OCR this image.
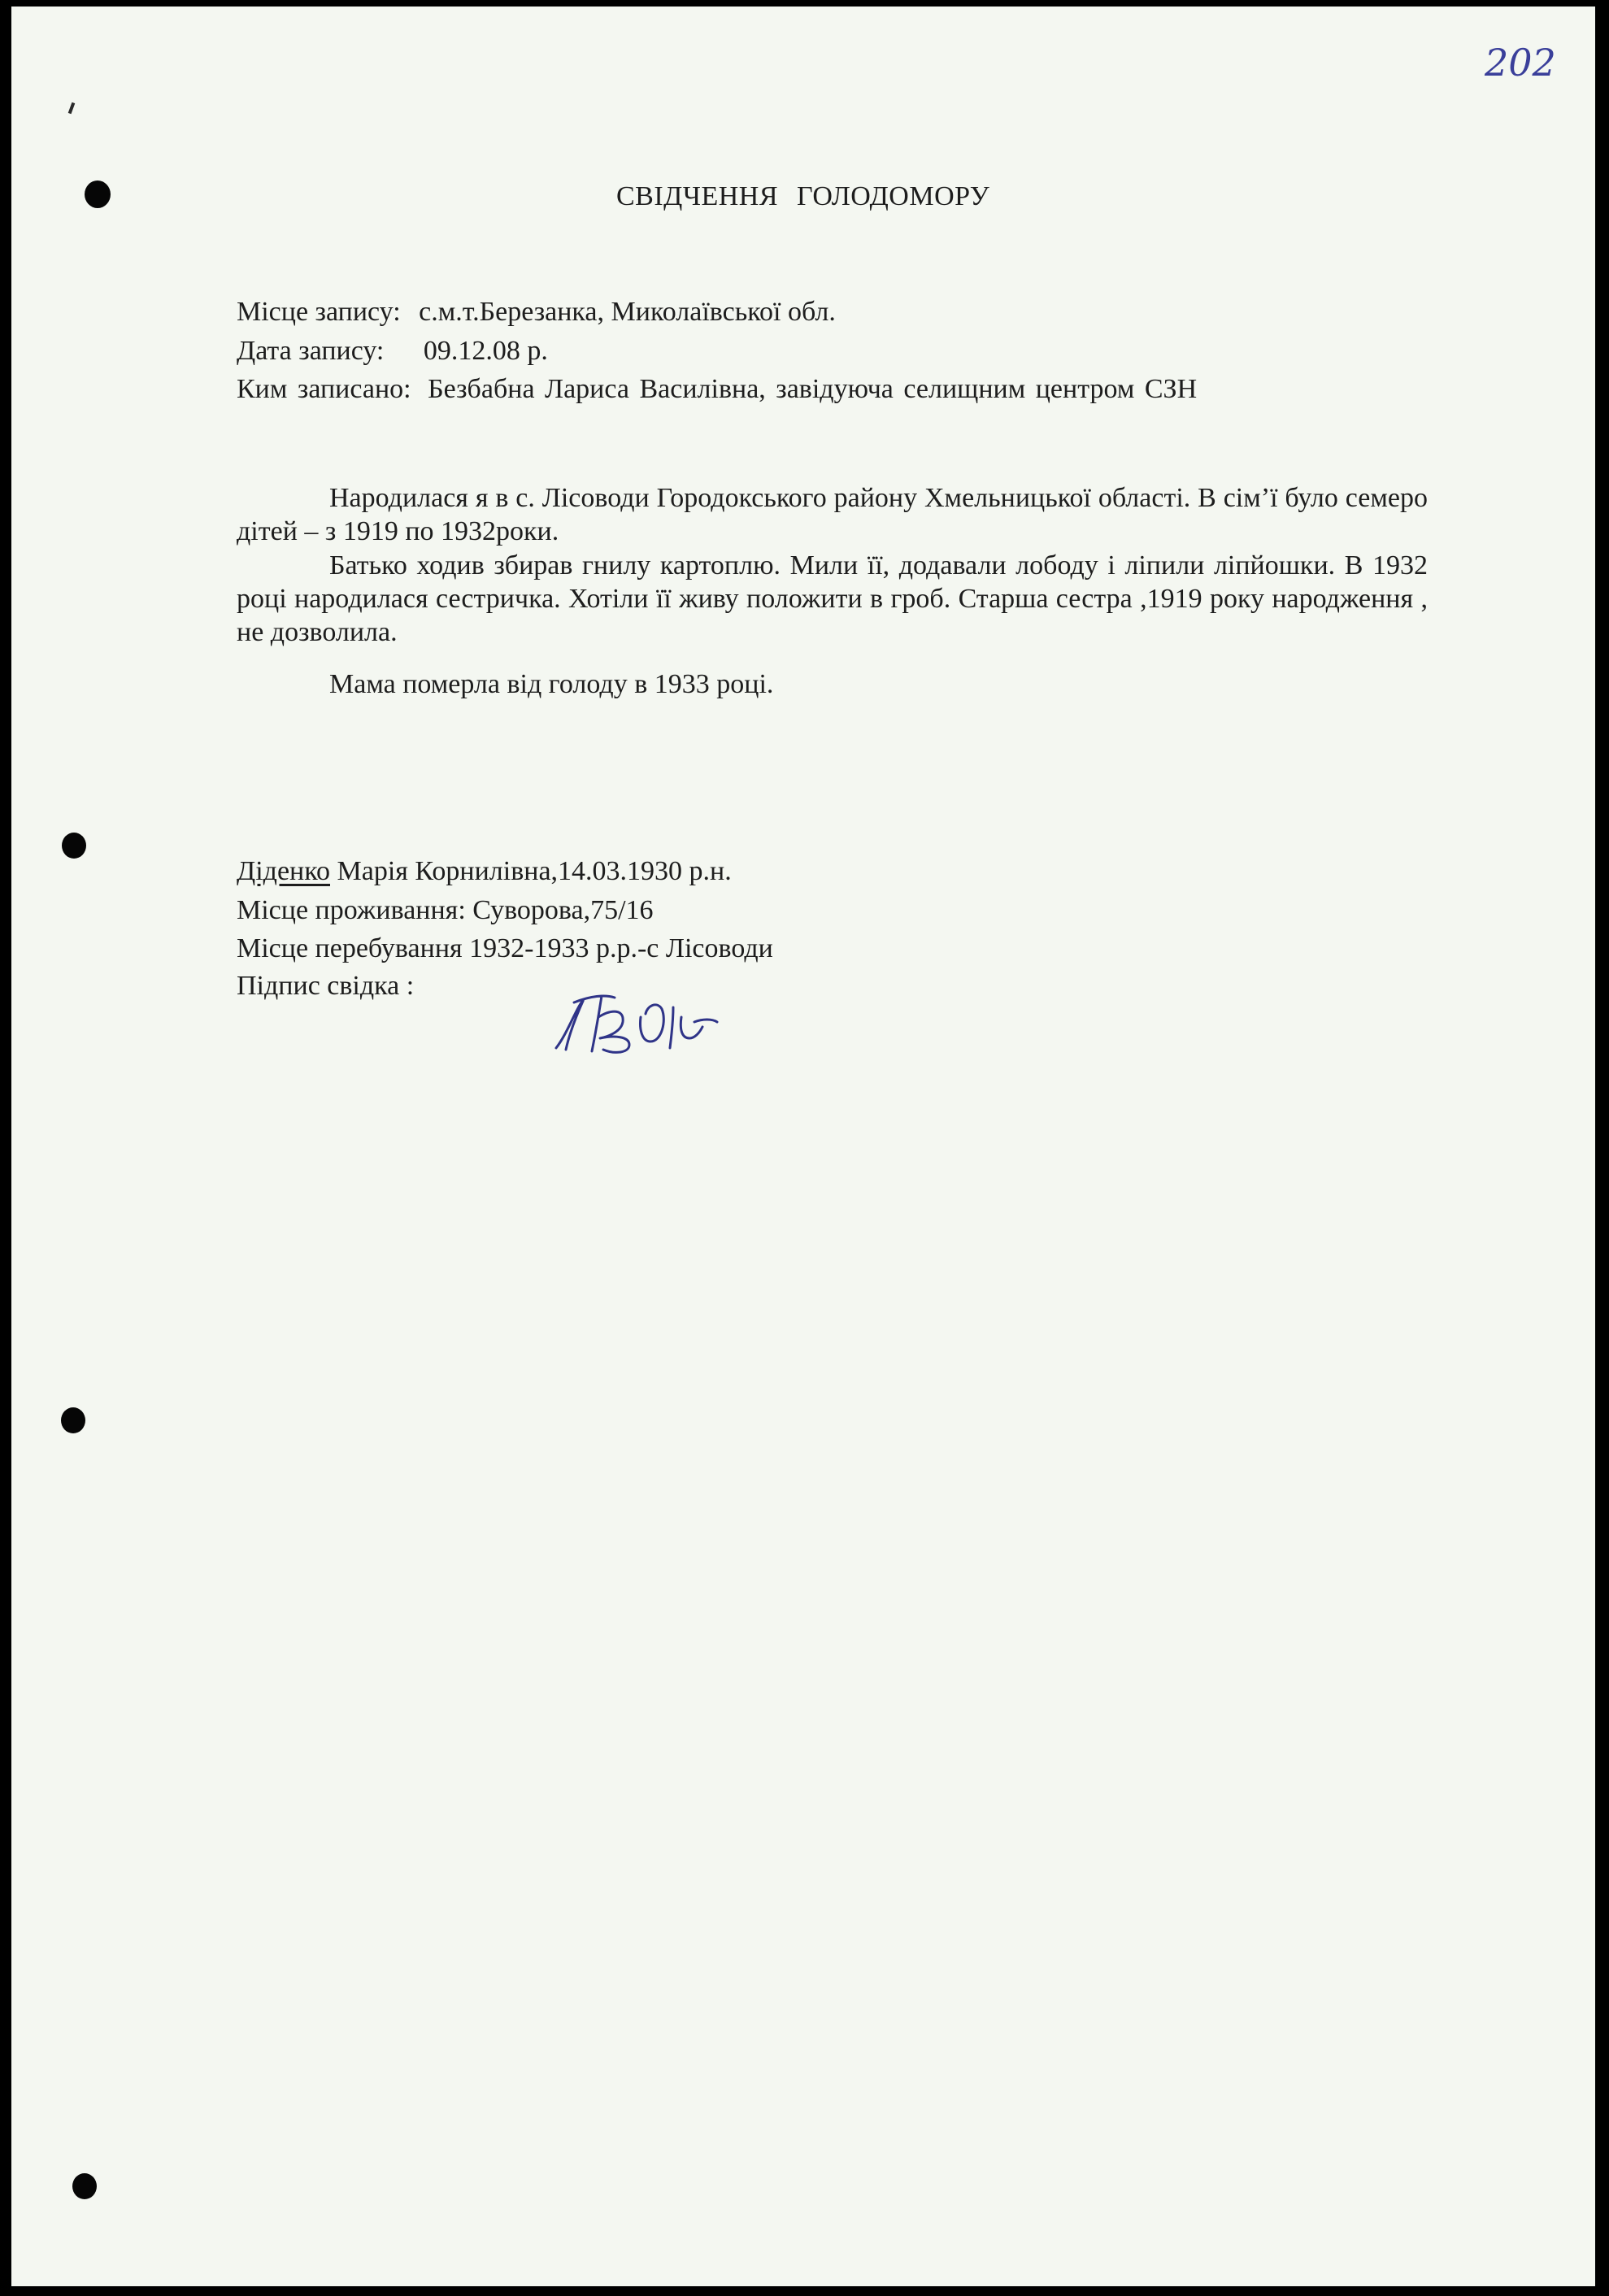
202
СВІДЧЕННЯ ГОЛОДОМОРУ
Місце запису: с.м.т.Березанка, Миколаївської обл.
Дата запису: 09.12.08 р.
Ким записано: Безбабна Лариса Василівна, завідуюча селищним центром СЗН
Народилася я в с. Лісоводи Городокського району Хмельницької області. В сім’ї було семеро дітей – з 1919 по 1932роки.
Батько ходив збирав гнилу картоплю. Мили її, додавали лободу і ліпили ліпйошки. В 1932 році народилася сестричка. Хотіли її живу положити в гроб. Старша сестра ,1919 року народження , не дозволила.
Мама померла від голоду в 1933 році.
Діденко Марія Корнилівна,14.03.1930 р.н.
Місце проживання: Суворова,75/16
Місце перебування 1932-1933 р.р.-с Лісоводи
Підпис свідка :
